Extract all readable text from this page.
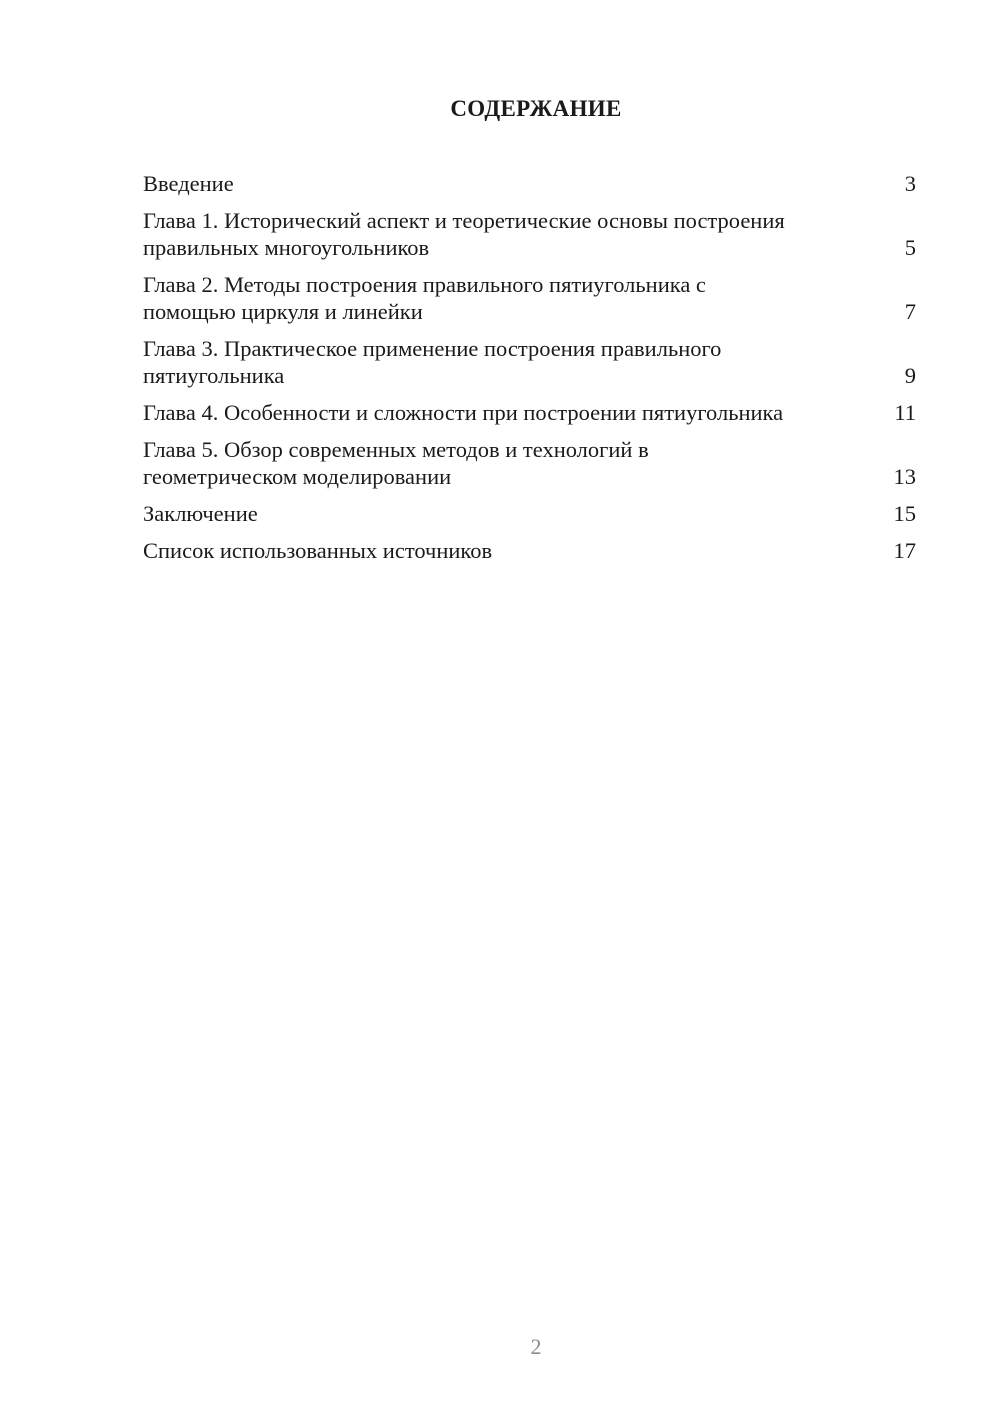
СОДЕРЖАНИЕ
Введение	3
Глава 1. Исторический аспект и теоретические основы построения правильных многоугольников	5
Глава 2. Методы построения правильного пятиугольника с помощью циркуля и линейки	7
Глава 3. Практическое применение построения правильного пятиугольника	9
Глава 4. Особенности и сложности при построении пятиугольника	11
Глава 5. Обзор современных методов и технологий в геометрическом моделировании	13
Заключение	15
Список использованных источников	17
2
